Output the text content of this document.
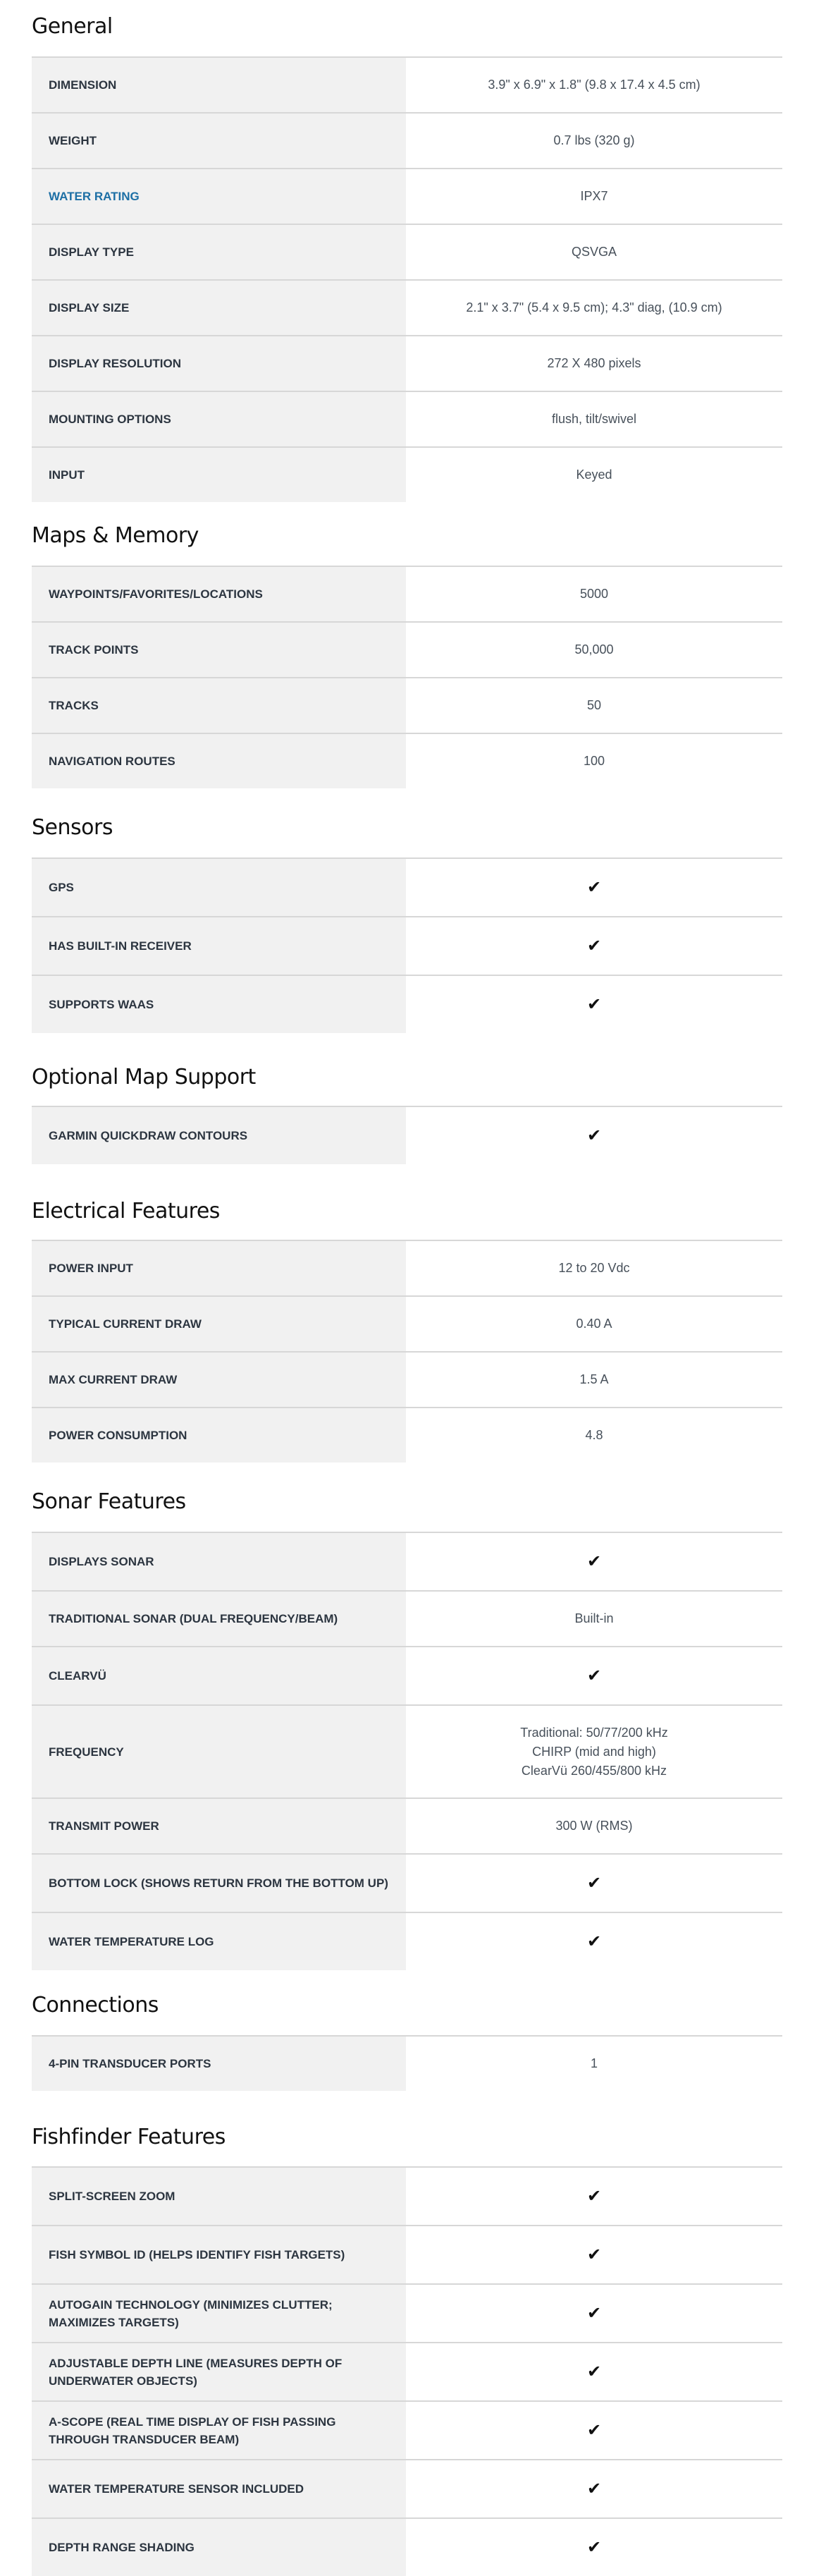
General
DIMENSION	3.9" x 6.9" x 1.8" (9.8 x 17.4 x 4.5 cm)
WEIGHT	0.7 lbs (320 g)
WATER RATING	IPX7
DISPLAY TYPE	QSVGA
DISPLAY SIZE	2.1" x 3.7" (5.4 x 9.5 cm); 4.3" diag, (10.9 cm)
DISPLAY RESOLUTION	272 X 480 pixels
MOUNTING OPTIONS	flush, tilt/swivel
INPUT	Keyed
Maps & Memory
WAYPOINTS/FAVORITES/LOCATIONS	5000
TRACK POINTS	50,000
TRACKS	50
NAVIGATION ROUTES	100
Sensors
GPS	✔
HAS BUILT-IN RECEIVER	✔
SUPPORTS WAAS	✔
Optional Map Support
GARMIN QUICKDRAW CONTOURS	✔
Electrical Features
POWER INPUT	12 to 20 Vdc
TYPICAL CURRENT DRAW	0.40 A
MAX CURRENT DRAW	1.5 A
POWER CONSUMPTION	4.8
Sonar Features
DISPLAYS SONAR	✔
TRADITIONAL SONAR (DUAL FREQUENCY/BEAM)	Built-in
CLEARVÜ	✔
FREQUENCY
Traditional: 50/77/200 kHz
CHIRP (mid and high)
ClearVü 260/455/800 kHz
TRANSMIT POWER	300 W (RMS)
BOTTOM LOCK (SHOWS RETURN FROM THE BOTTOM UP)	✔
WATER TEMPERATURE LOG	✔
Connections
4-PIN TRANSDUCER PORTS	1
Fishfinder Features
SPLIT-SCREEN ZOOM	✔
FISH SYMBOL ID (HELPS IDENTIFY FISH TARGETS)	✔
AUTOGAIN TECHNOLOGY (MINIMIZES CLUTTER; MAXIMIZES TARGETS)	✔
ADJUSTABLE DEPTH LINE (MEASURES DEPTH OF UNDERWATER OBJECTS)	✔
A-SCOPE (REAL TIME DISPLAY OF FISH PASSING THROUGH TRANSDUCER BEAM)	✔
WATER TEMPERATURE SENSOR INCLUDED	✔
DEPTH RANGE SHADING	✔
